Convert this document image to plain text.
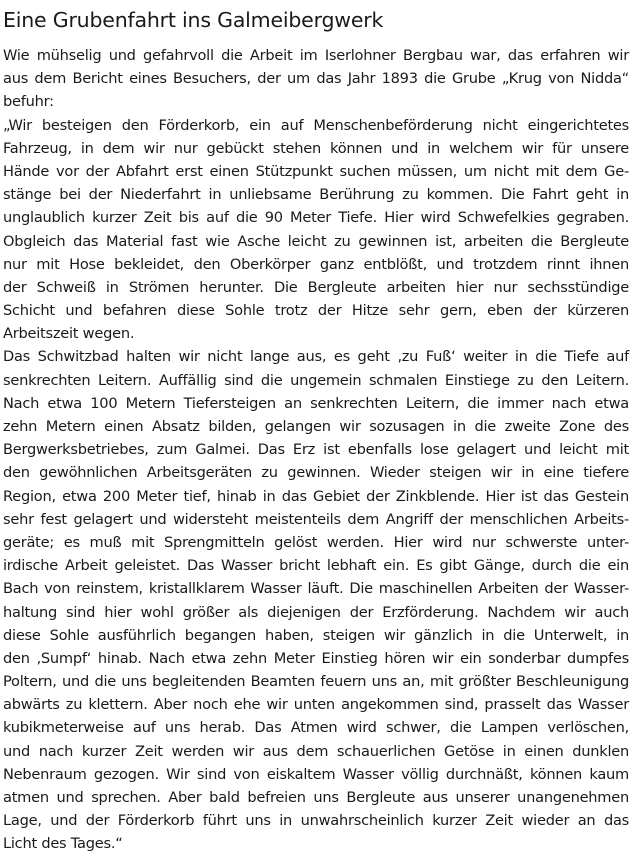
Eine Grubenfahrt ins Galmeibergwerk
Wie mühselig und gefahrvoll die Arbeit im Iserlohner Bergbau war, das erfahren wir
aus dem Bericht eines Besuchers, der um das Jahr 1893 die Grube „Krug von Nidda“
befuhr:
„Wir besteigen den Förderkorb, ein auf Menschenbeförderung nicht eingerichtetes
Fahrzeug, in dem wir nur gebückt stehen können und in welchem wir für unsere
Hände vor der Abfahrt erst einen Stützpunkt suchen müssen, um nicht mit dem Ge-
stänge bei der Niederfahrt in unliebsame Berührung zu kommen. Die Fahrt geht in
unglaublich kurzer Zeit bis auf die 90 Meter Tiefe. Hier wird Schwefelkies gegraben.
Obgleich das Material fast wie Asche leicht zu gewinnen ist, arbeiten die Bergleute
nur mit Hose bekleidet, den Oberkörper ganz entblößt, und trotzdem rinnt ihnen
der Schweiß in Strömen herunter. Die Bergleute arbeiten hier nur sechsstündige
Schicht und befahren diese Sohle trotz der Hitze sehr gern, eben der kürzeren
Arbeitszeit wegen.
Das Schwitzbad halten wir nicht lange aus, es geht ‚zu Fuß‘ weiter in die Tiefe auf
senkrechten Leitern. Auffällig sind die ungemein schmalen Einstiege zu den Leitern.
Nach etwa 100 Metern Tiefersteigen an senkrechten Leitern, die immer nach etwa
zehn Metern einen Absatz bilden, gelangen wir sozusagen in die zweite Zone des
Bergwerksbetriebes, zum Galmei. Das Erz ist ebenfalls lose gelagert und leicht mit
den gewöhnlichen Arbeitsgeräten zu gewinnen. Wieder steigen wir in eine tiefere
Region, etwa 200 Meter tief, hinab in das Gebiet der Zinkblende. Hier ist das Gestein
sehr fest gelagert und widersteht meistenteils dem Angriff der menschlichen Arbeits-
geräte; es muß mit Sprengmitteln gelöst werden. Hier wird nur schwerste unter-
irdische Arbeit geleistet. Das Wasser bricht lebhaft ein. Es gibt Gänge, durch die ein
Bach von reinstem, kristallklarem Wasser läuft. Die maschinellen Arbeiten der Wasser-
haltung sind hier wohl größer als diejenigen der Erzförderung. Nachdem wir auch
diese Sohle ausführlich begangen haben, steigen wir gänzlich in die Unterwelt, in
den ‚Sumpf‘ hinab. Nach etwa zehn Meter Einstieg hören wir ein sonderbar dumpfes
Poltern, und die uns begleitenden Beamten feuern uns an, mit größter Beschleunigung
abwärts zu klettern. Aber noch ehe wir unten angekommen sind, prasselt das Wasser
kubikmeterweise auf uns herab. Das Atmen wird schwer, die Lampen verlöschen,
und nach kurzer Zeit werden wir aus dem schauerlichen Getöse in einen dunklen
Nebenraum gezogen. Wir sind von eiskaltem Wasser völlig durchnäßt, können kaum
atmen und sprechen. Aber bald befreien uns Bergleute aus unserer unangenehmen
Lage, und der Förderkorb führt uns in unwahrscheinlich kurzer Zeit wieder an das
Licht des Tages.“
